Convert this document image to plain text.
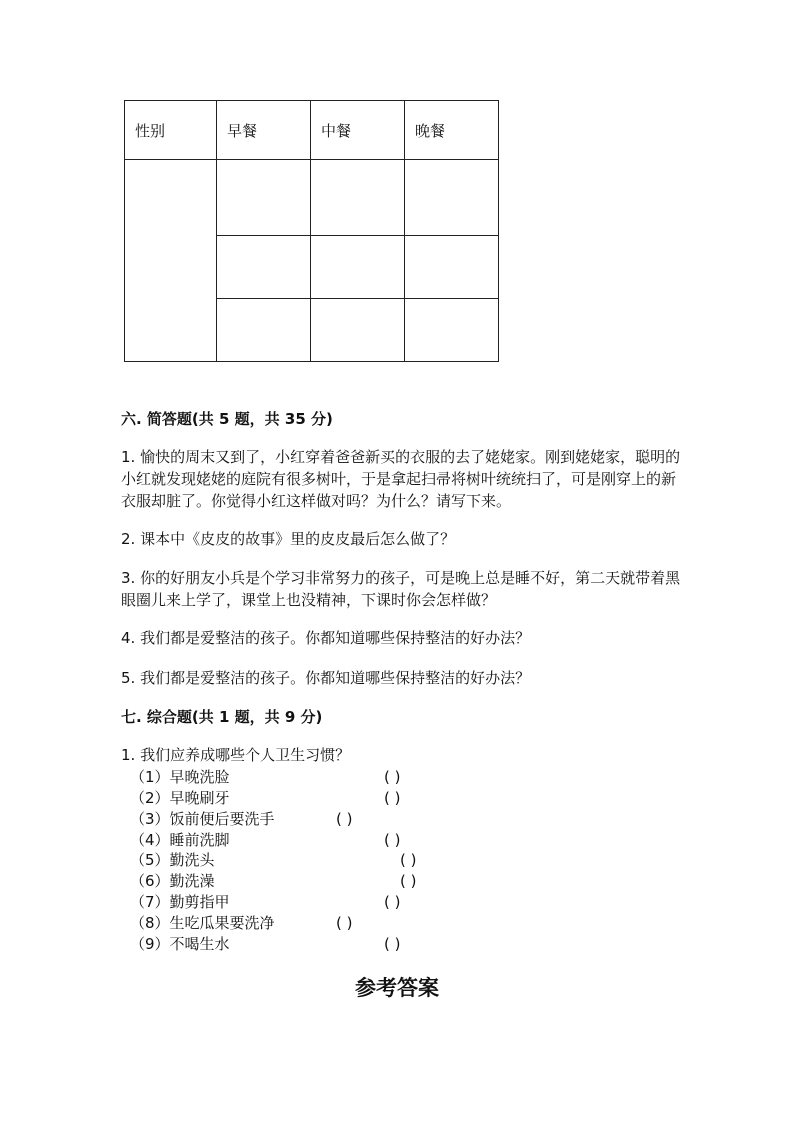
性别	早餐	中餐	晚餐

六. 简答题(共 5 题，共 35 分)

1. 愉快的周末又到了，小红穿着爸爸新买的衣服的去了姥姥家。刚到姥姥家，聪明的小红就发现姥姥的庭院有很多树叶，于是拿起扫帚将树叶统统扫了，可是刚穿上的新衣服却脏了。你觉得小红这样做对吗？为什么？请写下来。

2. 课本中《皮皮的故事》里的皮皮最后怎么做了？

3. 你的好朋友小兵是个学习非常努力的孩子，可是晚上总是睡不好，第二天就带着黑眼圈儿来上学了，课堂上也没精神，下课时你会怎样做？

4. 我们都是爱整洁的孩子。你都知道哪些保持整洁的好办法？

5. 我们都是爱整洁的孩子。你都知道哪些保持整洁的好办法？

七. 综合题(共 1 题，共 9 分)

1. 我们应养成哪些个人卫生习惯？

（1）早晚洗脸	( )
（2）早晚刷牙	( )
（3）饭前便后要洗手	( )
（4）睡前洗脚	( )
（5）勤洗头	( )
（6）勤洗澡	( )
（7）勤剪指甲	( )
（8）生吃瓜果要洗净	( )
（9）不喝生水	( )

参考答案
